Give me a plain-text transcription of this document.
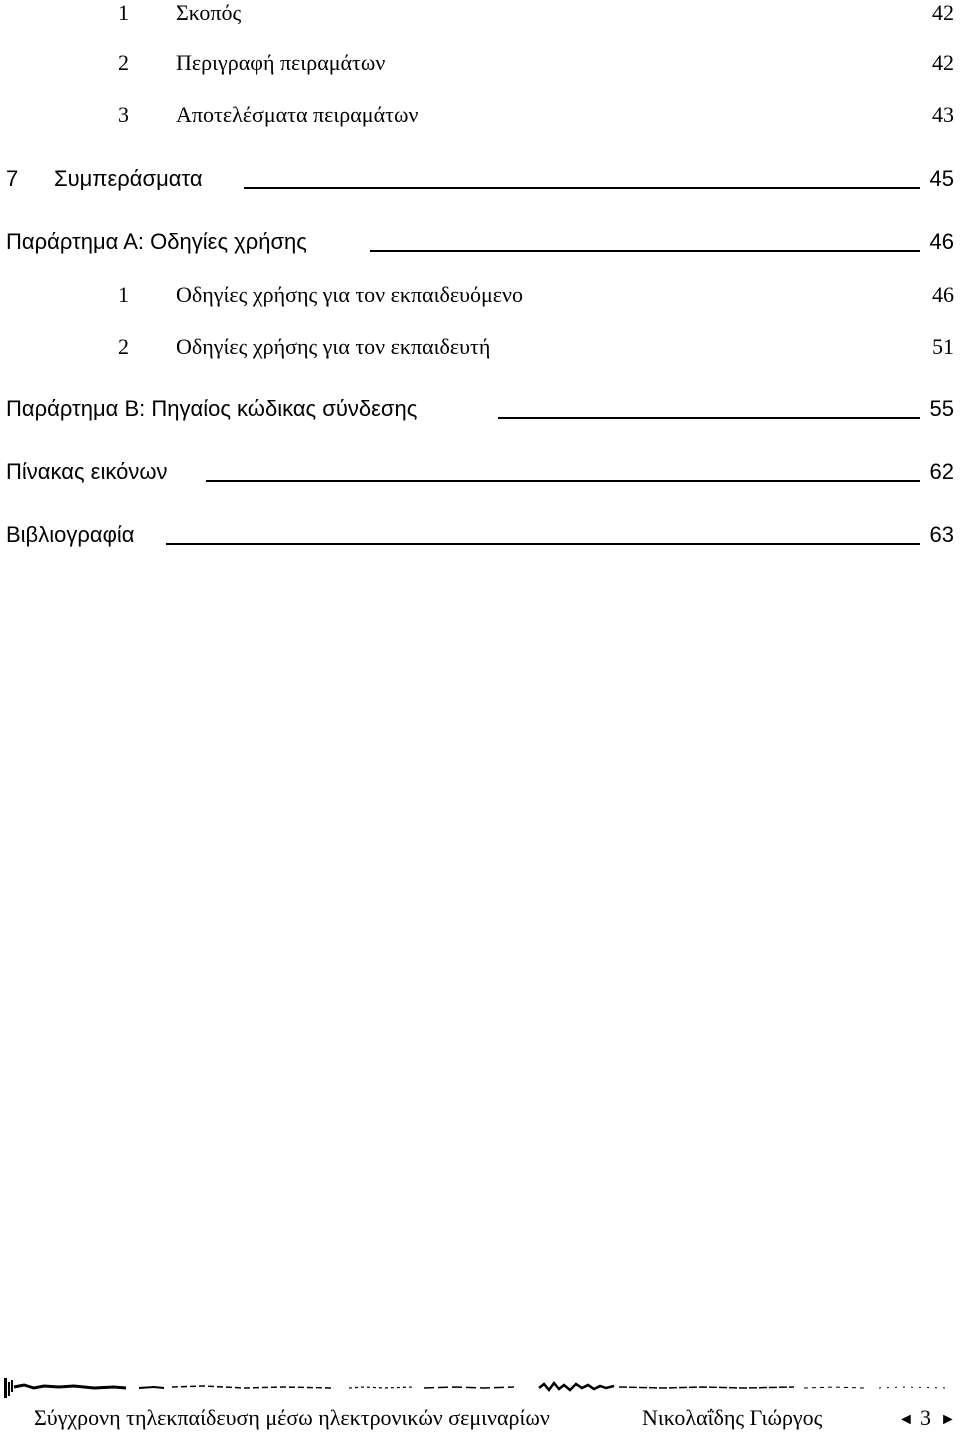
1 Σκοπός	42
2 Περιγραφή πειραμάτων	42
3 Αποτελέσματα πειραμάτων	43
7 Συμπεράσματα	45
Παράρτημα Α: Οδηγίες χρήσης	46
1 Οδηγίες χρήσης για τον εκπαιδευόμενο	46
2 Οδηγίες χρήσης για τον εκπαιδευτή	51
Παράρτημα Β: Πηγαίος κώδικας σύνδεσης	55
Πίνακας εικόνων	62
Βιβλιογραφία	63
Σύγχρονη τηλεκπαίδευση μέσω ηλεκτρονικών σεμιναρίων	Νικολαΐδης Γιώργος	◄ 3 ►
